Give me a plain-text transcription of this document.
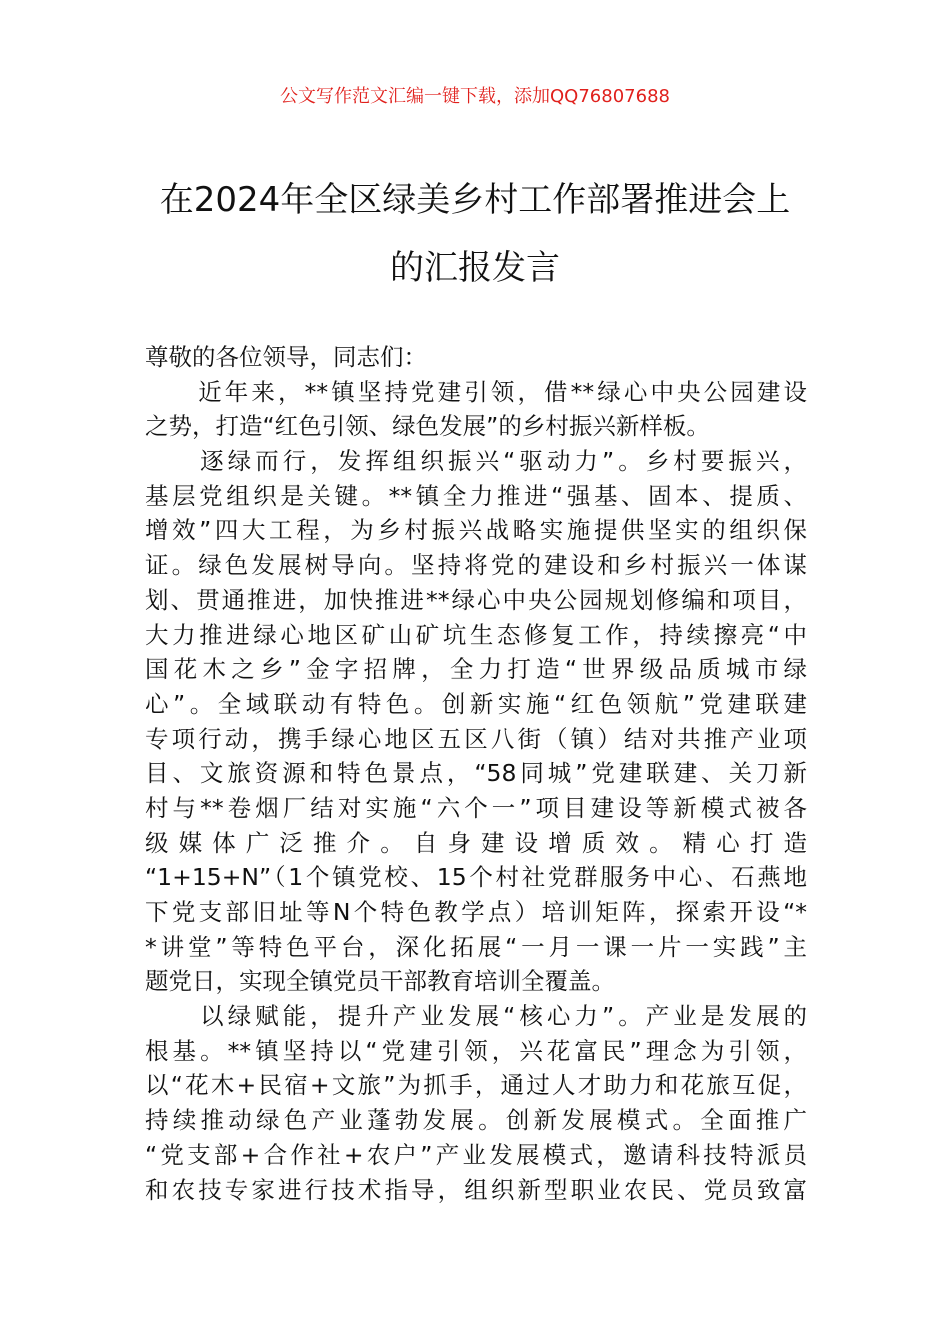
公文写作范文汇编一键下载，添加QQ76807688
在2024年全区绿美乡村工作部署推进会上
的汇报发言
尊敬的各位领导，同志们：
　　近年来，**镇坚持党建引领，借**绿心中央公园建设
之势，打造“红色引领、绿色发展”的乡村振兴新样板。
　　逐绿而行，发挥组织振兴“驱动力”。乡村要振兴，
基层党组织是关键。**镇全力推进“强基、固本、提质、
增效”四大工程，为乡村振兴战略实施提供坚实的组织保
证。绿色发展树导向。坚持将党的建设和乡村振兴一体谋
划、贯通推进，加快推进**绿心中央公园规划修编和项目，
大力推进绿心地区矿山矿坑生态修复工作，持续擦亮“中
国花木之乡”金字招牌，全力打造“世界级品质城市绿
心”。全域联动有特色。创新实施“红色领航”党建联建
专项行动，携手绿心地区五区八街（镇）结对共推产业项
目、文旅资源和特色景点，“58同城”党建联建、关刀新
村与**卷烟厂结对实施“六个一”项目建设等新模式被各
级媒体广泛推介。自身建设增质效。精心打造
“1+15+N”（1个镇党校、15个村社党群服务中心、石燕地
下党支部旧址等N个特色教学点）培训矩阵，探索开设“*
*讲堂”等特色平台，深化拓展“一月一课一片一实践”主
题党日，实现全镇党员干部教育培训全覆盖。
　　以绿赋能，提升产业发展“核心力”。产业是发展的
根基。**镇坚持以“党建引领，兴花富民”理念为引领，
以“花木+民宿+文旅”为抓手，通过人才助力和花旅互促，
持续推动绿色产业蓬勃发展。创新发展模式。全面推广
“党支部+合作社+农户”产业发展模式，邀请科技特派员
和农技专家进行技术指导，组织新型职业农民、党员致富
